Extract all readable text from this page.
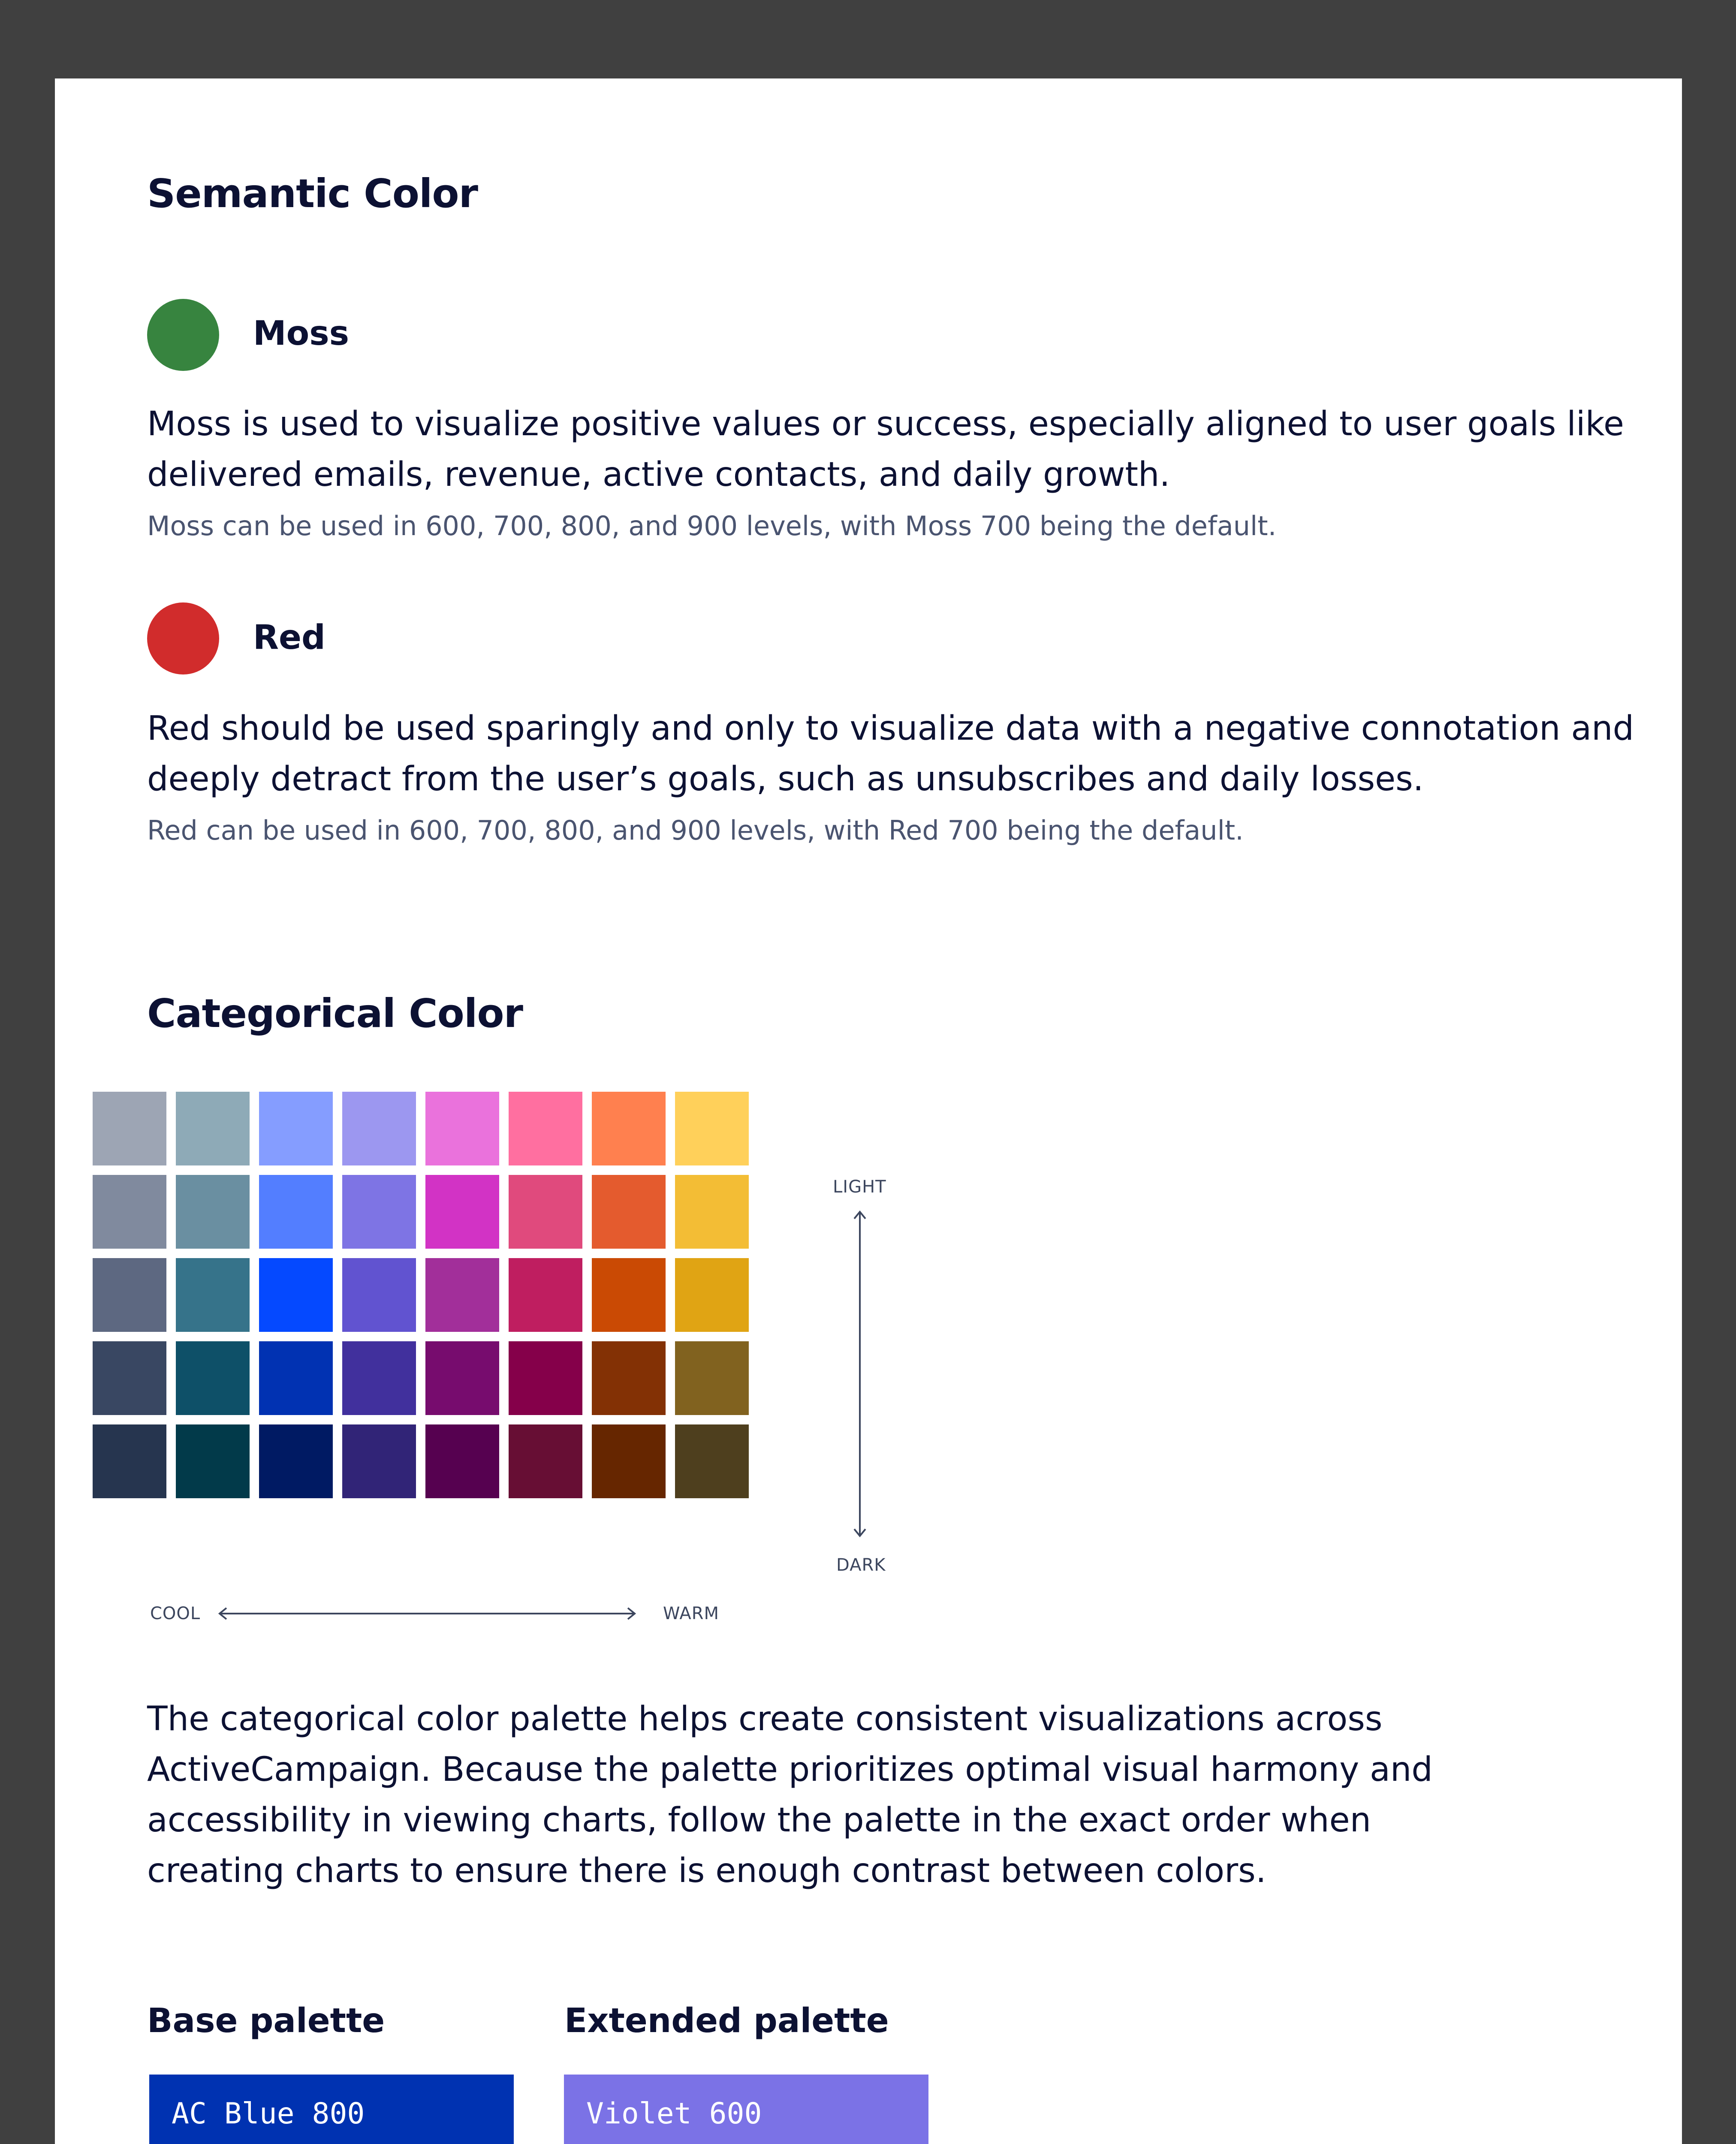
Semantic Color
Moss
Moss is used to visualize positive values or success, especially aligned to user goals like
delivered emails, revenue, active contacts, and daily growth.
Moss can be used in 600, 700, 800, and 900 levels, with Moss 700 being the default.
Red
Red should be used sparingly and only to visualize data with a negative connotation and
deeply detract from the user’s goals, such as unsubscribes and daily losses.
Red can be used in 600, 700, 800, and 900 levels, with Red 700 being the default.
Categorical Color
LIGHT
DARK
COOL	WARM
The categorical color palette helps create consistent visualizations across
ActiveCampaign. Because the palette prioritizes optimal visual harmony and
accessibility in viewing charts, follow the palette in the exact order when
creating charts to ensure there is enough contrast between colors.
Base palette	Extended palette
AC Blue 800	Violet 600
